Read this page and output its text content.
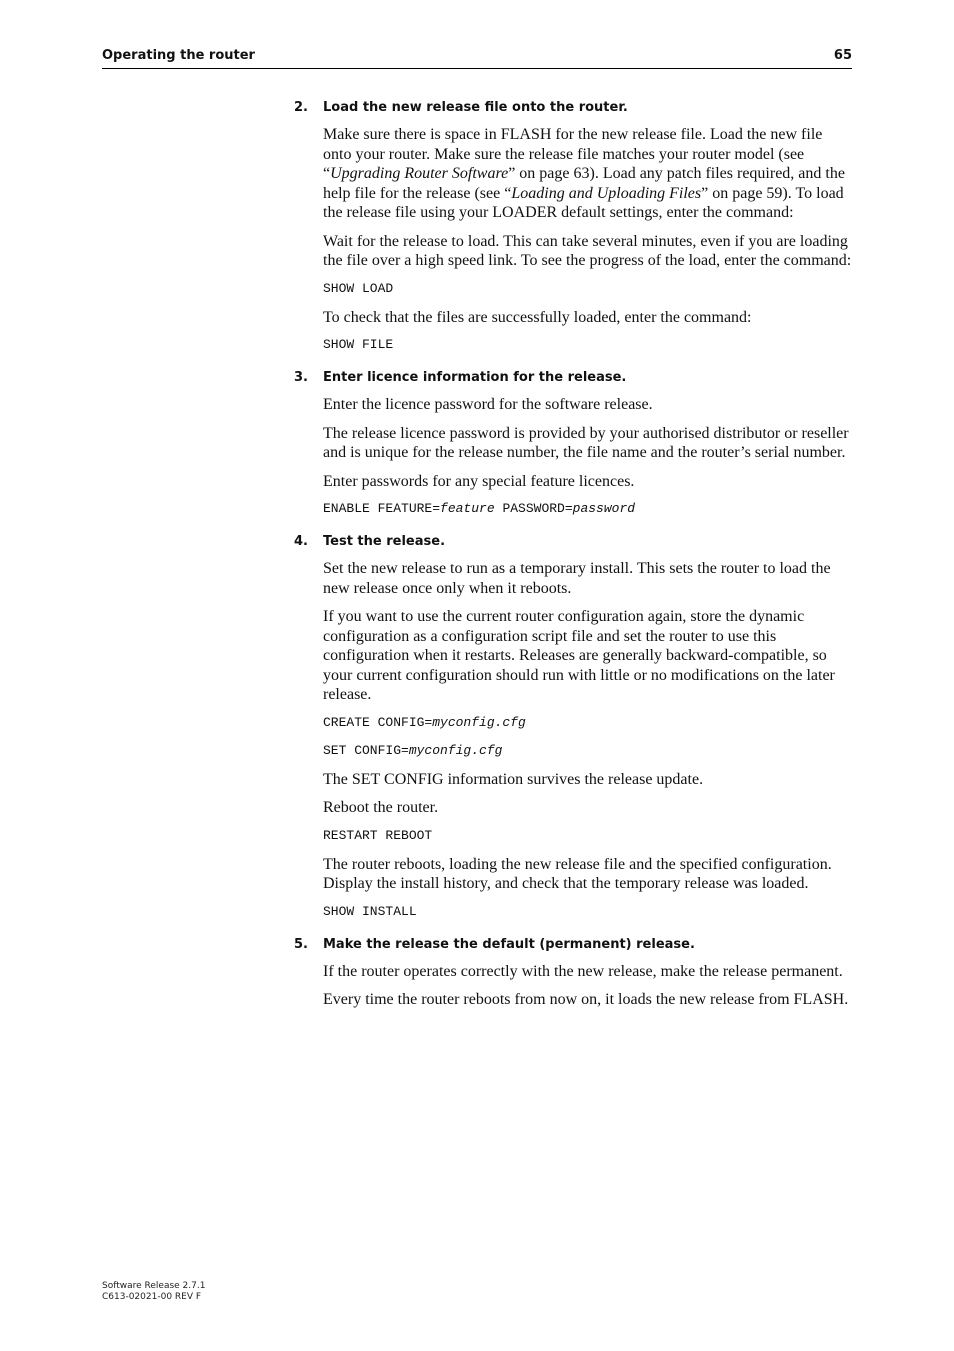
Operating the router	65
2. Load the new release file onto the router.

Make sure there is space in FLASH for the new release file. Load the new file onto your router. Make sure the release file matches your router model (see “Upgrading Router Software” on page 63). Load any patch files required, and the help file for the release (see “Loading and Uploading Files” on page 59). To load the release file using your LOADER default settings, enter the command:

Wait for the release to load. This can take several minutes, even if you are loading the file over a high speed link. To see the progress of the load, enter the command:

SHOW LOAD

To check that the files are successfully loaded, enter the command:

SHOW FILE
3. Enter licence information for the release.

Enter the licence password for the software release.

The release licence password is provided by your authorised distributor or reseller and is unique for the release number, the file name and the router’s serial number.

Enter passwords for any special feature licences.

ENABLE FEATURE=feature PASSWORD=password
4. Test the release.

Set the new release to run as a temporary install. This sets the router to load the new release once only when it reboots.

If you want to use the current router configuration again, store the dynamic configuration as a configuration script file and set the router to use this configuration when it restarts. Releases are generally backward-compatible, so your current configuration should run with little or no modifications on the later release.

CREATE CONFIG=myconfig.cfg
SET CONFIG=myconfig.cfg

The SET CONFIG information survives the release update.

Reboot the router.

RESTART REBOOT

The router reboots, loading the new release file and the specified configuration. Display the install history, and check that the temporary release was loaded.

SHOW INSTALL
5. Make the release the default (permanent) release.

If the router operates correctly with the new release, make the release permanent.

Every time the router reboots from now on, it loads the new release from FLASH.

Software Release 2.7.1
C613-02021-00 REV F
